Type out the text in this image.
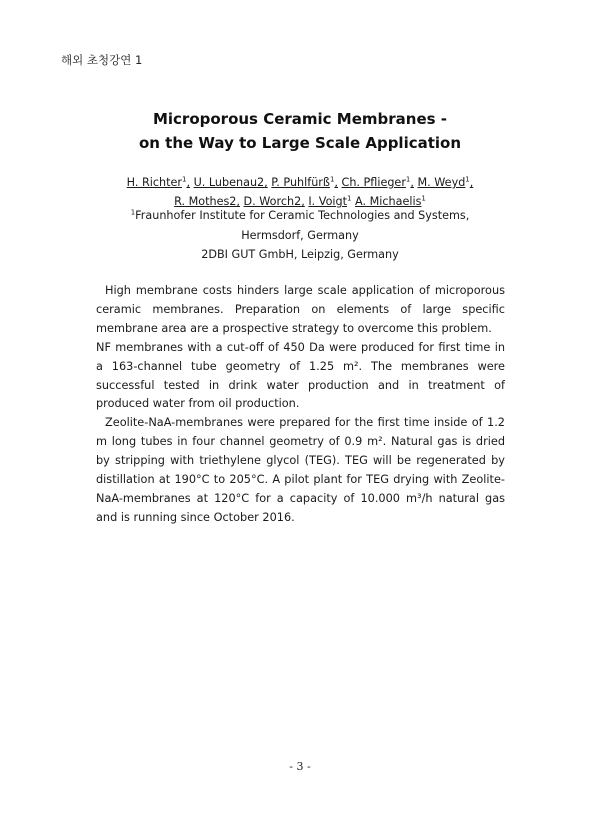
해외 초청강연 1
Microporous Ceramic Membranes -
on the Way to Large Scale Application
H. Richter$^1$, U. Lubenau2, P. Puhlfürß$^1$, Ch. Pflieger$^1$, M. Weyd$^1$,
R. Mothes2, D. Worch2, I. Voigt$^1$ A. Michaelis$^1$
$^1$Fraunhofer Institute for Ceramic Technologies and Systems,
Hermsdorf, Germany
2DBI GUT GmbH, Leipzig, Germany

High membrane costs hinders large scale application of microporous ceramic membranes. Preparation on elements of large specific membrane area are a prospective strategy to overcome this problem.

NF membranes with a cut-off of 450 Da were produced for first time in a 163-channel tube geometry of 1.25 m². The membranes were successful tested in drink water production and in treatment of produced water from oil production.

Zeolite-NaA-membranes were prepared for the first time inside of 1.2 m long tubes in four channel geometry of 0.9 m². Natural gas is dried by stripping with triethylene glycol (TEG). TEG will be regenerated by distillation at 190°C to 205°C. A pilot plant for TEG drying with Zeolite-NaA-membranes at 120°C for a capacity of 10.000 m³/h natural gas and is running since October 2016.

- 3 -
